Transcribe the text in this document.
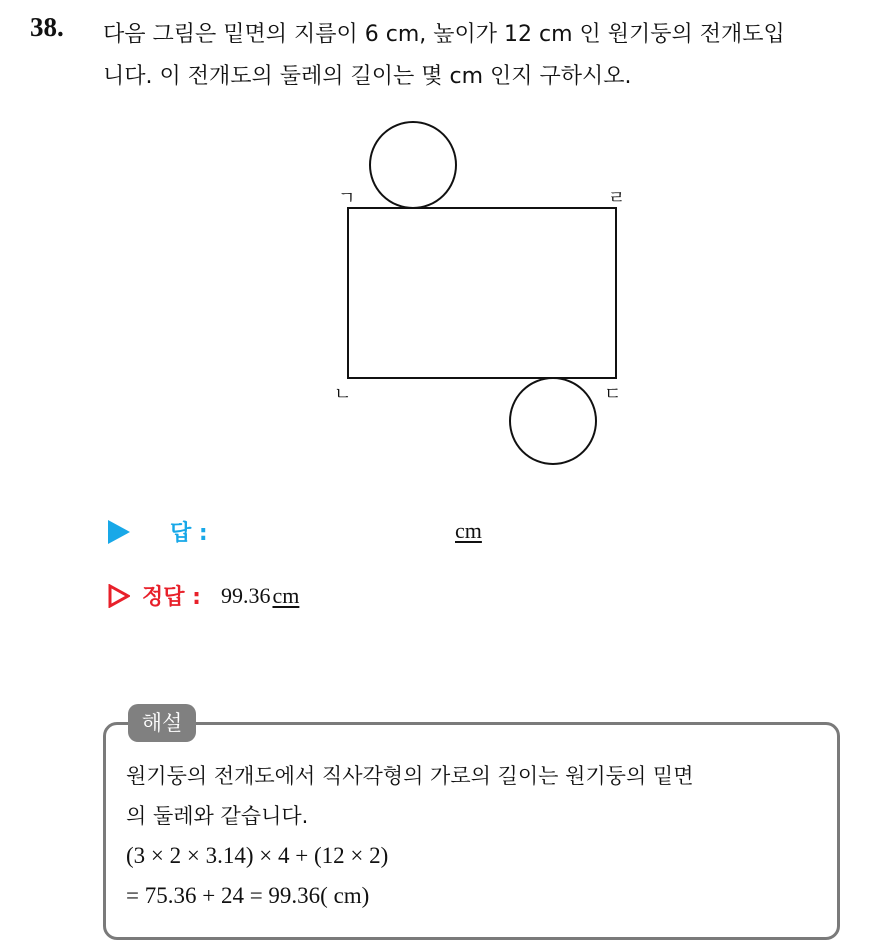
38. 다음 그림은 밑면의 지름이 6 cm, 높이가 12 cm 인 원기둥의 전개도입
니다. 이 전개도의 둘레의 길이는 몇 cm 인지 구하시오.
ㄱ	ㄹ
ㄴ	ㄷ
답 :	cm
정답 : 99.36 cm
해설
원기둥의 전개도에서 직사각형의 가로의 길이는 원기둥의 밑면
의 둘레와 같습니다.
(3 × 2 × 3.14) × 4 + (12 × 2)
= 75.36 + 24 = 99.36( cm)
